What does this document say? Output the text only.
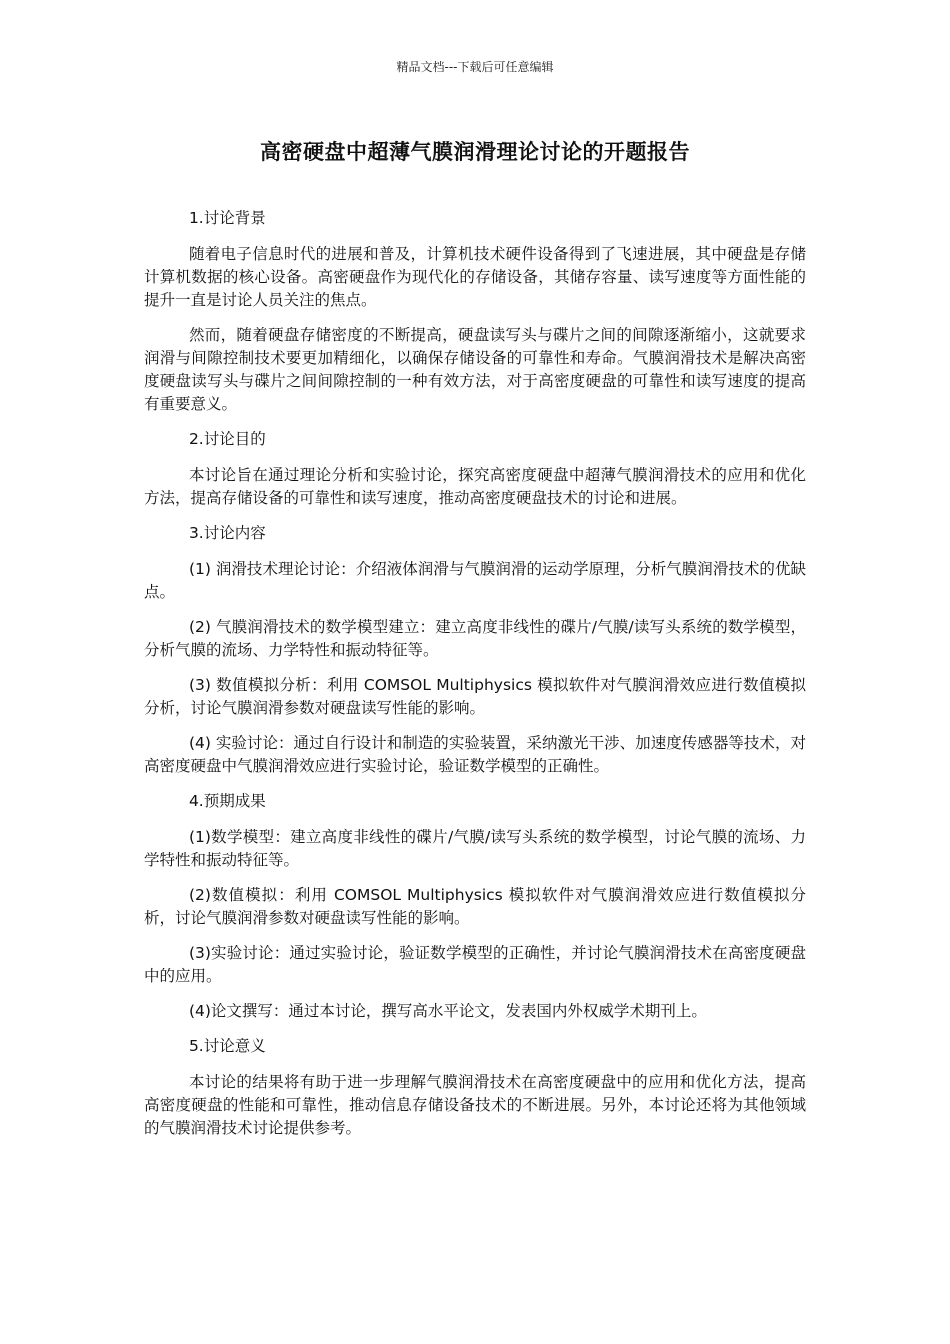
精品文档---下载后可任意编辑
高密硬盘中超薄气膜润滑理论讨论的开题报告

1.讨论背景

随着电子信息时代的进展和普及，计算机技术硬件设备得到了飞速进展，其中硬盘是存储计算机数据的核心设备。高密硬盘作为现代化的存储设备，其储存容量、读写速度等方面性能的提升一直是讨论人员关注的焦点。

然而，随着硬盘存储密度的不断提高，硬盘读写头与碟片之间的间隙逐渐缩小，这就要求润滑与间隙控制技术要更加精细化，以确保存储设备的可靠性和寿命。气膜润滑技术是解决高密度硬盘读写头与碟片之间间隙控制的一种有效方法，对于高密度硬盘的可靠性和读写速度的提高有重要意义。

2.讨论目的

本讨论旨在通过理论分析和实验讨论，探究高密度硬盘中超薄气膜润滑技术的应用和优化方法，提高存储设备的可靠性和读写速度，推动高密度硬盘技术的讨论和进展。

3.讨论内容

(1) 润滑技术理论讨论：介绍液体润滑与气膜润滑的运动学原理，分析气膜润滑技术的优缺点。

(2) 气膜润滑技术的数学模型建立：建立高度非线性的碟片/气膜/读写头系统的数学模型，分析气膜的流场、力学特性和振动特征等。

(3) 数值模拟分析：利用 COMSOL Multiphysics 模拟软件对气膜润滑效应进行数值模拟分析，讨论气膜润滑参数对硬盘读写性能的影响。

(4) 实验讨论：通过自行设计和制造的实验装置，采纳激光干涉、加速度传感器等技术，对高密度硬盘中气膜润滑效应进行实验讨论，验证数学模型的正确性。

4.预期成果

(1)数学模型：建立高度非线性的碟片/气膜/读写头系统的数学模型，讨论气膜的流场、力学特性和振动特征等。

(2)数值模拟：利用 COMSOL Multiphysics 模拟软件对气膜润滑效应进行数值模拟分析，讨论气膜润滑参数对硬盘读写性能的影响。

(3)实验讨论：通过实验讨论，验证数学模型的正确性，并讨论气膜润滑技术在高密度硬盘中的应用。

(4)论文撰写：通过本讨论，撰写高水平论文，发表国内外权威学术期刊上。

5.讨论意义

本讨论的结果将有助于进一步理解气膜润滑技术在高密度硬盘中的应用和优化方法，提高高密度硬盘的性能和可靠性，推动信息存储设备技术的不断进展。另外，本讨论还将为其他领域的气膜润滑技术讨论提供参考。
